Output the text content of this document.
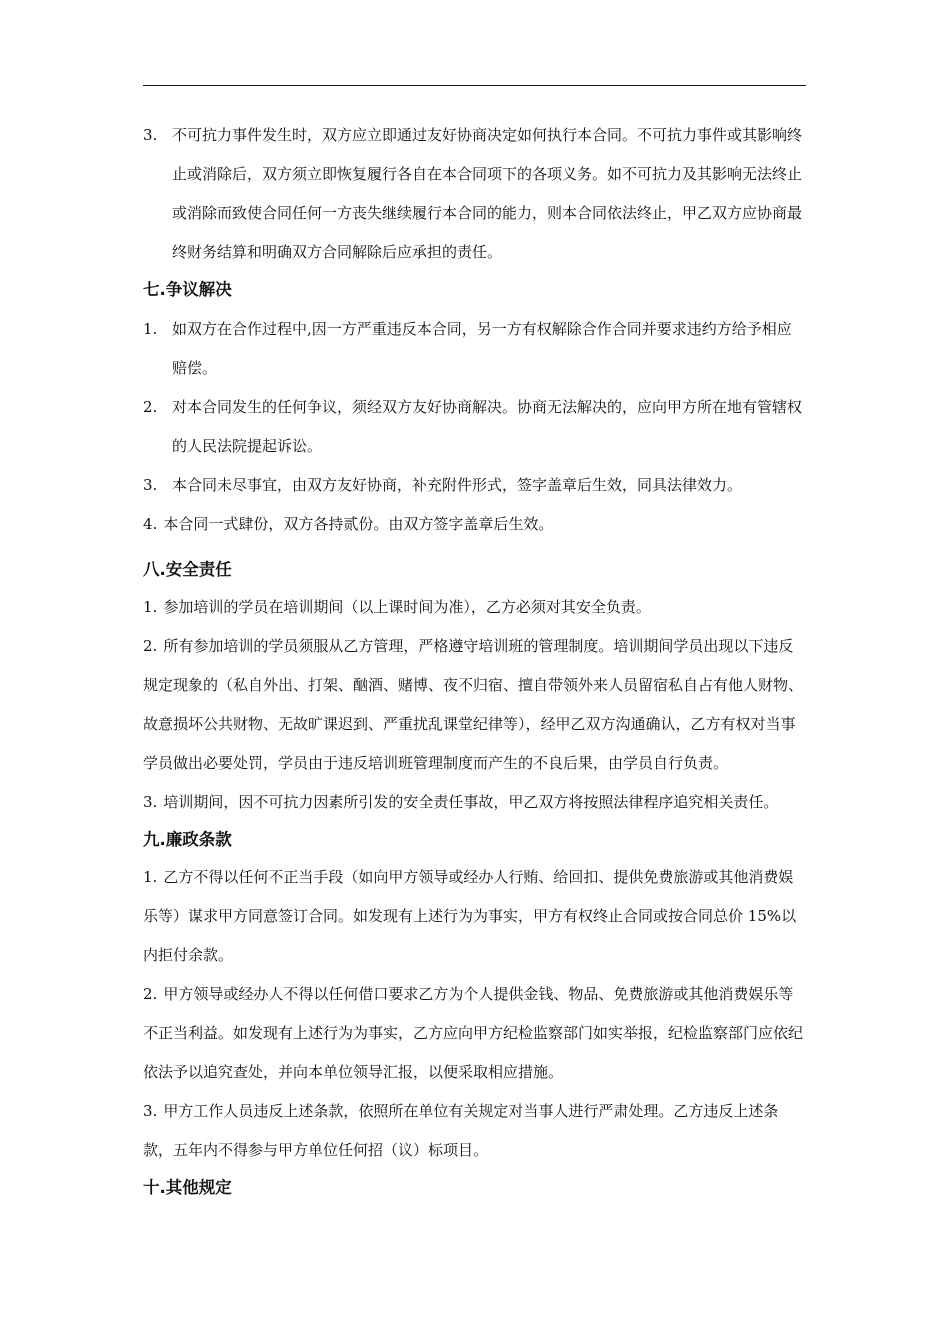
3. 不可抗力事件发生时，双方应立即通过友好协商决定如何执行本合同。不可抗力事件或其影响终止或消除后，双方须立即恢复履行各自在本合同项下的各项义务。如不可抗力及其影响无法终止或消除而致使合同任何一方丧失继续履行本合同的能力，则本合同依法终止，甲乙双方应协商最终财务结算和明确双方合同解除后应承担的责任。

七.争议解决

1. 如双方在合作过程中,因一方严重违反本合同，另一方有权解除合作合同并要求违约方给予相应赔偿。

2. 对本合同发生的任何争议，须经双方友好协商解决。协商无法解决的，应向甲方所在地有管辖权的人民法院提起诉讼。

3. 本合同未尽事宜，由双方友好协商，补充附件形式，签字盖章后生效，同具法律效力。

4. 本合同一式肆份，双方各持贰份。由双方签字盖章后生效。

八.安全责任

1. 参加培训的学员在培训期间（以上课时间为准），乙方必须对其安全负责。

2. 所有参加培训的学员须服从乙方管理，严格遵守培训班的管理制度。培训期间学员出现以下违反规定现象的（私自外出、打架、酗酒、赌博、夜不归宿、擅自带领外来人员留宿私自占有他人财物、故意损坏公共财物、无故旷课迟到、严重扰乱课堂纪律等），经甲乙双方沟通确认，乙方有权对当事学员做出必要处罚，学员由于违反培训班管理制度而产生的不良后果，由学员自行负责。

3. 培训期间，因不可抗力因素所引发的安全责任事故，甲乙双方将按照法律程序追究相关责任。

九.廉政条款

1. 乙方不得以任何不正当手段（如向甲方领导或经办人行贿、给回扣、提供免费旅游或其他消费娱乐等）谋求甲方同意签订合同。如发现有上述行为为事实，甲方有权终止合同或按合同总价 15%以内拒付余款。

2. 甲方领导或经办人不得以任何借口要求乙方为个人提供金钱、物品、免费旅游或其他消费娱乐等不正当利益。如发现有上述行为为事实，乙方应向甲方纪检监察部门如实举报，纪检监察部门应依纪依法予以追究查处，并向本单位领导汇报，以便采取相应措施。

3. 甲方工作人员违反上述条款，依照所在单位有关规定对当事人进行严肃处理。乙方违反上述条款，五年内不得参与甲方单位任何招（议）标项目。

十.其他规定
